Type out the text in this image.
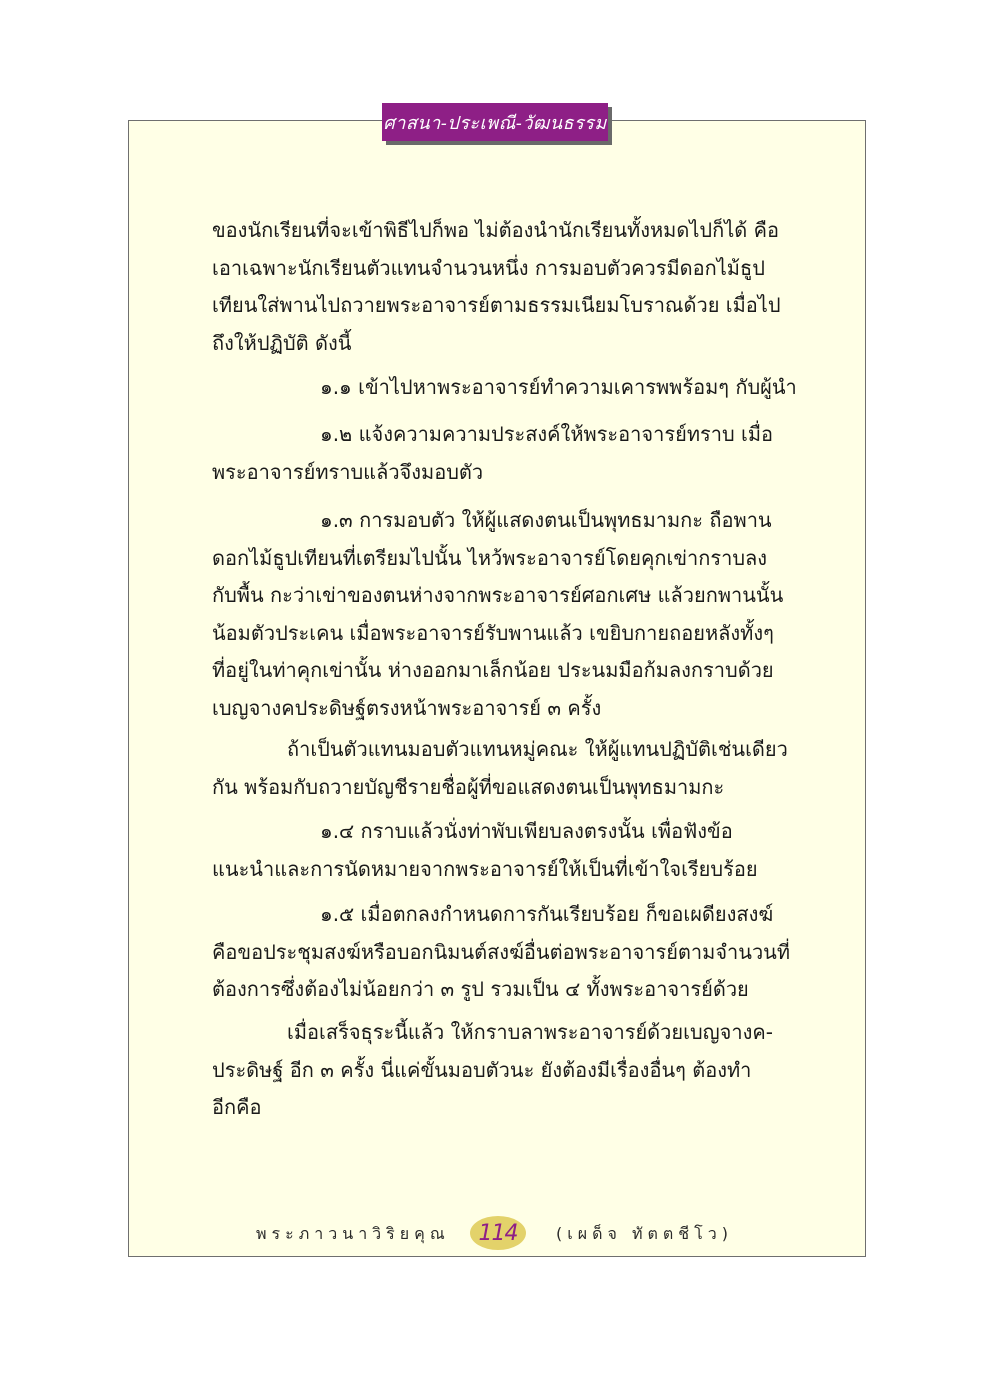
ศาสนา-ประเพณี-วัฒนธรรม
ของนักเรียนที่จะเข้าพิธีไปก็พอ ไม่ต้องนำนักเรียนทั้งหมดไปก็ได้ คือ
เอาเฉพาะนักเรียนตัวแทนจำนวนหนึ่ง การมอบตัวควรมีดอกไม้ธูป
เทียนใส่พานไปถวายพระอาจารย์ตามธรรมเนียมโบราณด้วย เมื่อไป
ถึงให้ปฏิบัติ ดังนี้
๑.๑ เข้าไปหาพระอาจารย์ทำความเคารพพร้อมๆ กับผู้นำ
๑.๒ แจ้งความความประสงค์ให้พระอาจารย์ทราบ เมื่อ
พระอาจารย์ทราบแล้วจึงมอบตัว
๑.๓ การมอบตัว ให้ผู้แสดงตนเป็นพุทธมามกะ ถือพาน
ดอกไม้ธูปเทียนที่เตรียมไปนั้น ไหว้พระอาจารย์โดยคุกเข่ากราบลง
กับพื้น กะว่าเข่าของตนห่างจากพระอาจารย์ศอกเศษ แล้วยกพานนั้น
น้อมตัวประเคน เมื่อพระอาจารย์รับพานแล้ว เขยิบกายถอยหลังทั้งๆ
ที่อยู่ในท่าคุกเข่านั้น ห่างออกมาเล็กน้อย ประนมมือก้มลงกราบด้วย
เบญจางคประดิษฐ์ตรงหน้าพระอาจารย์ ๓ ครั้ง
ถ้าเป็นตัวแทนมอบตัวแทนหมู่คณะ ให้ผู้แทนปฏิบัติเช่นเดียว
กัน พร้อมกับถวายบัญชีรายชื่อผู้ที่ขอแสดงตนเป็นพุทธมามกะ
๑.๔ กราบแล้วนั่งท่าพับเพียบลงตรงนั้น เพื่อฟังข้อ
แนะนำและการนัดหมายจากพระอาจารย์ให้เป็นที่เข้าใจเรียบร้อย
๑.๕ เมื่อตกลงกำหนดการกันเรียบร้อย ก็ขอเผดียงสงฆ์
คือขอประชุมสงฆ์หรือบอกนิมนต์สงฆ์อื่นต่อพระอาจารย์ตามจำนวนที่
ต้องการซึ่งต้องไม่น้อยกว่า ๓ รูป รวมเป็น ๔ ทั้งพระอาจารย์ด้วย
เมื่อเสร็จธุระนี้แล้ว ให้กราบลาพระอาจารย์ด้วยเบญจางค-
ประดิษฐ์ อีก ๓ ครั้ง นี่แค่ขั้นมอบตัวนะ ยังต้องมีเรื่องอื่นๆ ต้องทำ
อีกคือ
พระภาวนาวิริยคุณ 114 (เผด็จ ทัตตชีโว)
